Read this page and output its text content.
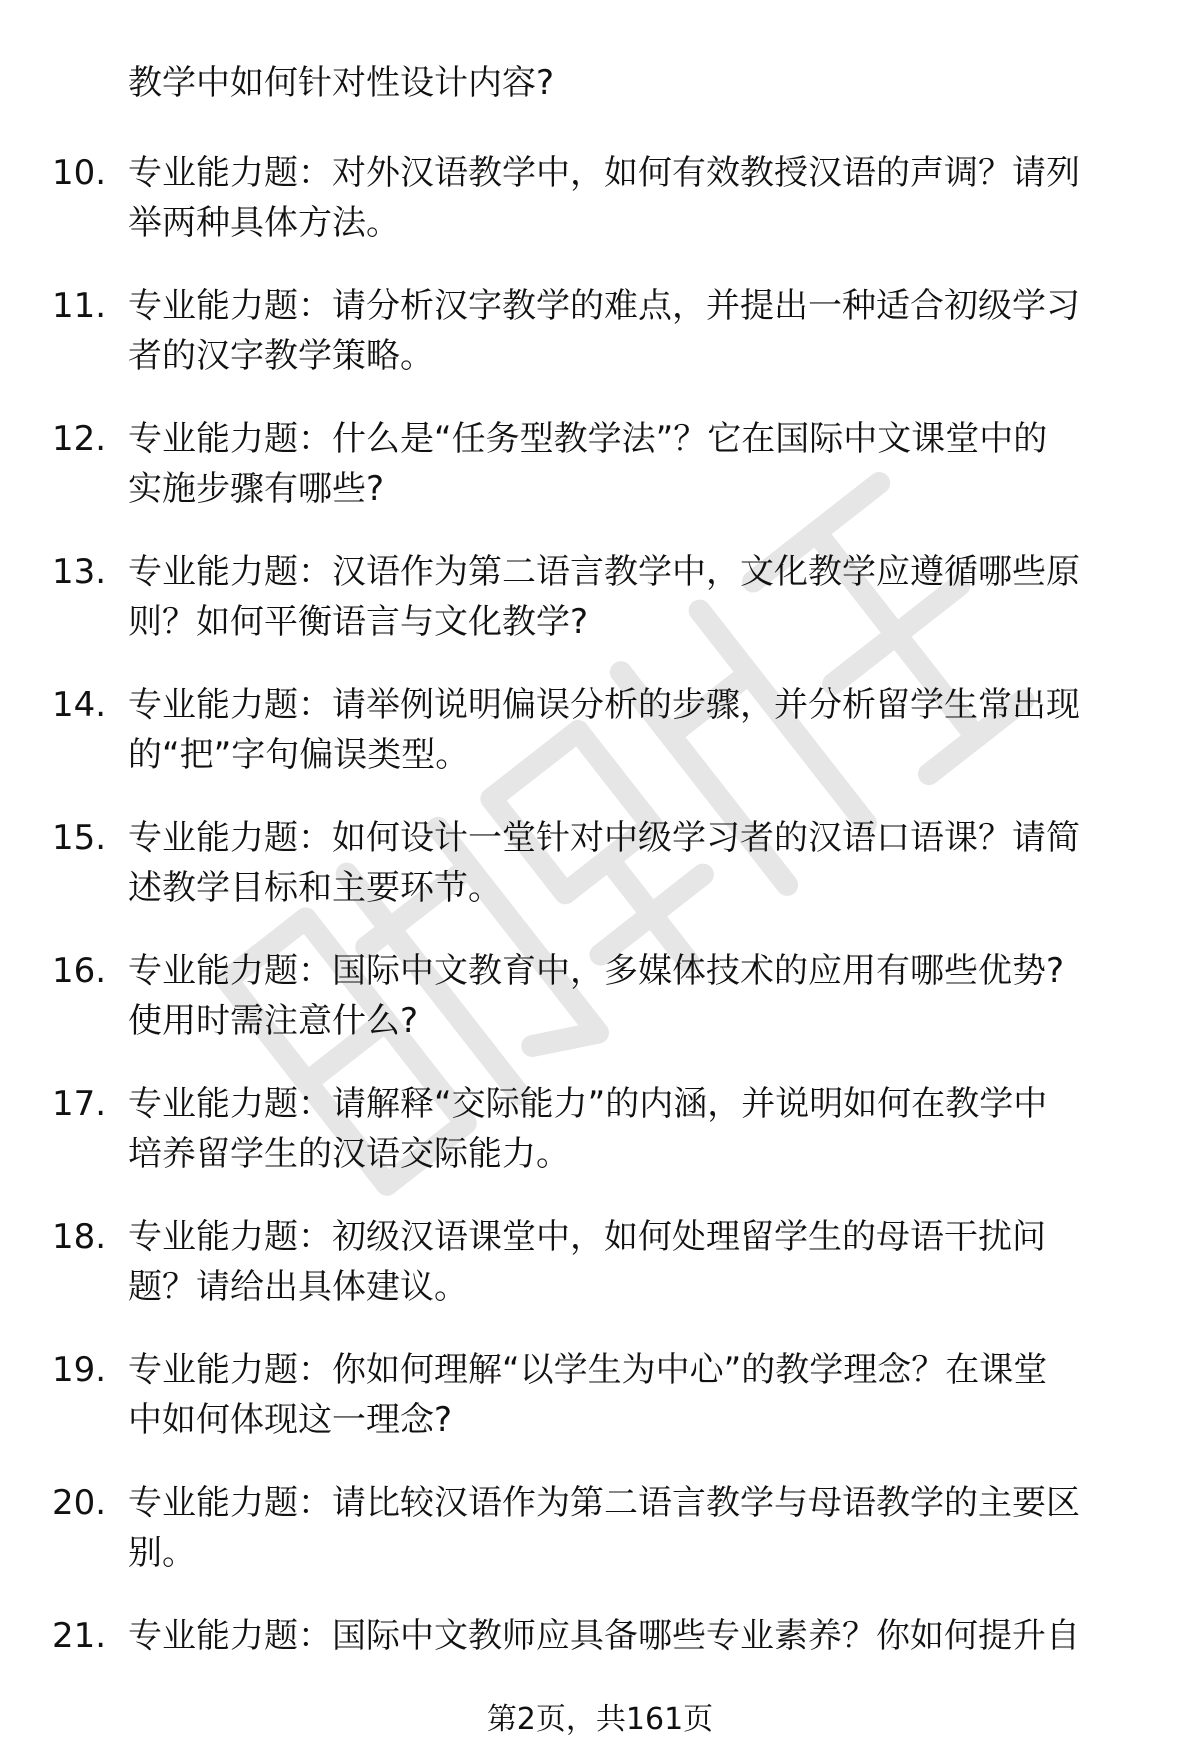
教学中如何针对性设计内容?
10. 专业能力题：对外汉语教学中，如何有效教授汉语的声调？请列
举两种具体方法。
11. 专业能力题：请分析汉字教学的难点，并提出一种适合初级学习
者的汉字教学策略。
12. 专业能力题：什么是“任务型教学法”？它在国际中文课堂中的
实施步骤有哪些?
13. 专业能力题：汉语作为第二语言教学中，文化教学应遵循哪些原
则？如何平衡语言与文化教学?
14. 专业能力题：请举例说明偏误分析的步骤，并分析留学生常出现
的“把”字句偏误类型。
15. 专业能力题：如何设计一堂针对中级学习者的汉语口语课？请简
述教学目标和主要环节。
16. 专业能力题：国际中文教育中，多媒体技术的应用有哪些优势?
使用时需注意什么?
17. 专业能力题：请解释“交际能力”的内涵，并说明如何在教学中
培养留学生的汉语交际能力。
18. 专业能力题：初级汉语课堂中，如何处理留学生的母语干扰问
题？请给出具体建议。
19. 专业能力题：你如何理解“以学生为中心”的教学理念？在课堂
中如何体现这一理念?
20. 专业能力题：请比较汉语作为第二语言教学与母语教学的主要区
别。
21. 专业能力题：国际中文教师应具备哪些专业素养？你如何提升自
第2页，共161页
